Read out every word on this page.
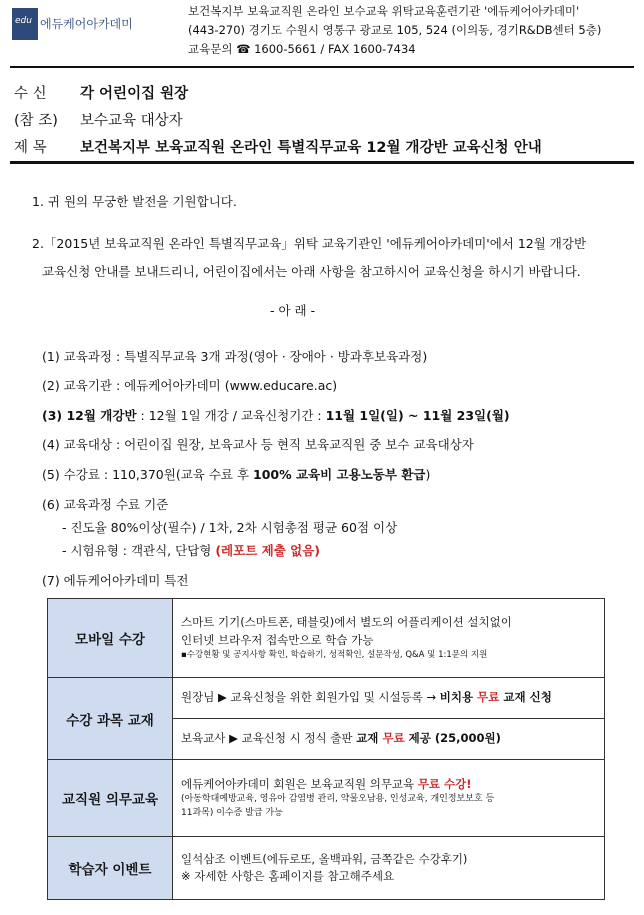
edu 에듀케어아카데미
보건복지부 보육교직원 온라인 보수교육 위탁교육훈련기관 '에듀케어아카데미'
(443-270) 경기도 수원시 영통구 광교로 105, 524 (이의동, 경기R&DB센터 5층)
교육문의 ☎ 1600-5661 / FAX 1600-7434
수 신 각 어린이집 원장
(참 조) 보수교육 대상자
제 목 보건복지부 보육교직원 온라인 특별직무교육 12월 개강반 교육신청 안내
1. 귀 원의 무궁한 발전을 기원합니다.
2.「2015년 보육교직원 온라인 특별직무교육」위탁 교육기관인 '에듀케어아카데미'에서 12월 개강반
교육신청 안내를 보내드리니, 어린이집에서는 아래 사항을 참고하시어 교육신청을 하시기 바랍니다.
- 아 래 -
(1) 교육과정 : 특별직무교육 3개 과정(영아 · 장애아 · 방과후보육과정)
(2) 교육기관 : 에듀케어아카데미 (www.educare.ac)
(3) 12월 개강반 : 12월 1일 개강 / 교육신청기간 : 11월 1일(일) ~ 11월 23일(월)
(4) 교육대상 : 어린이집 원장, 보육교사 등 현직 보육교직원 중 보수 교육대상자
(5) 수강료 : 110,370원(교육 수료 후 100% 교육비 고용노동부 환급)
(6) 교육과정 수료 기준
- 진도율 80%이상(필수) / 1차, 2차 시험총점 평균 60점 이상
- 시험유형 : 객관식, 단답형 (레포트 제출 없음)
(7) 에듀케어아카데미 특전
모바일 수강	스마트 기기(스마트폰, 태블릿)에서 별도의 어플리케이션 설치없이
인터넷 브라우저 접속만으로 학습 가능
▪수강현황 및 공지사항 확인, 학습하기, 성적확인, 설문작성, Q&A 및 1:1문의 지원

수강 과목 교재	원장님 ▶ 교육신청을 위한 회원가입 및 시설등록 → 비치용 무료 교재 신청
	보육교사 ▶ 교육신청 시 정식 출판 교재 무료 제공 (25,000원)
교직원 의무교육	에듀케어아카데미 회원은 보육교직원 의무교육 무료 수강!
(아동학대예방교육, 영유아 감염병 관리, 약물오남용, 인성교육, 개인정보보호 등
11과목) 이수증 발급 가능

학습자 이벤트	일석삼조 이벤트(에듀로또, 올백파워, 금쪽같은 수강후기)
※ 자세한 사항은 홈페이지를 참고해주세요
